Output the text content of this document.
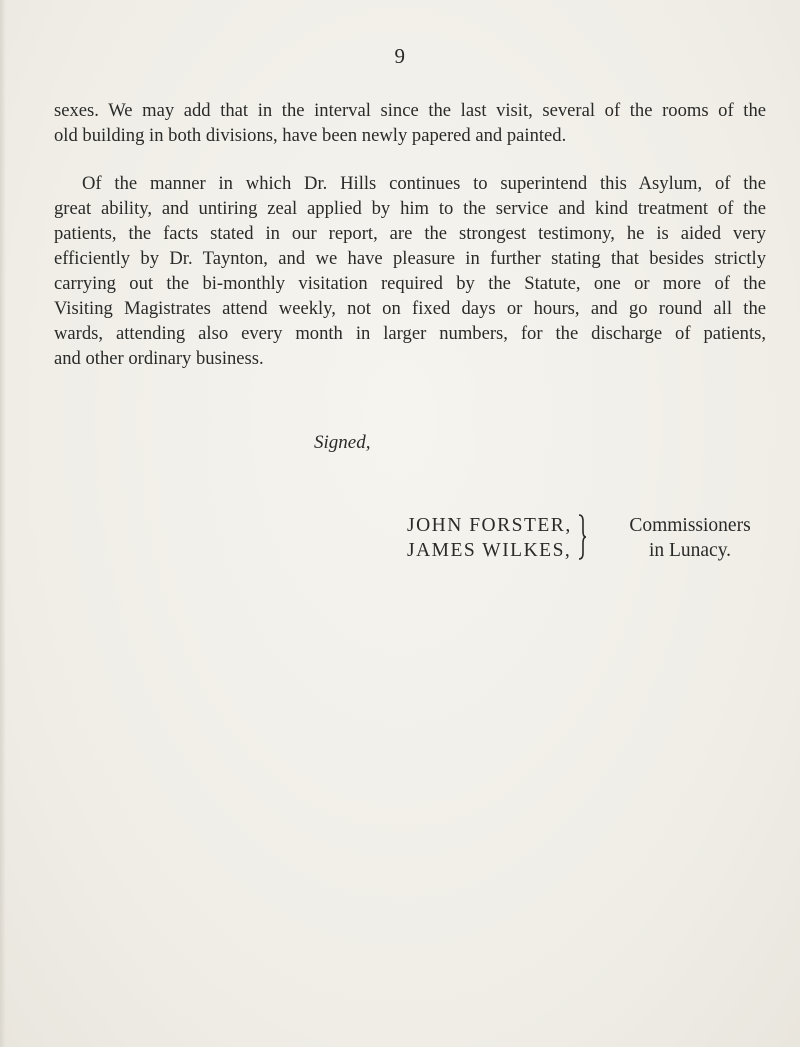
9

sexes. We may add that in the interval since the last visit, several of the rooms of the
old building in both divisions, have been newly papered and painted.

Of the manner in which Dr. Hills continues to superintend this Asylum, of the
great ability, and untiring zeal applied by him to the service and kind treatment of the
patients, the facts stated in our report, are the strongest testimony, he is aided very
efficiently by Dr. Taynton, and we have pleasure in further stating that besides strictly
carrying out the bi-monthly visitation required by the Statute, one or more of the
Visiting Magistrates attend weekly, not on fixed days or hours, and go round all the
wards, attending also every month in larger numbers, for the discharge of patients,
and other ordinary business.

Signed,
JOHN FORSTER,
JAMES WILKES,
Commissioners
in Lunacy.
